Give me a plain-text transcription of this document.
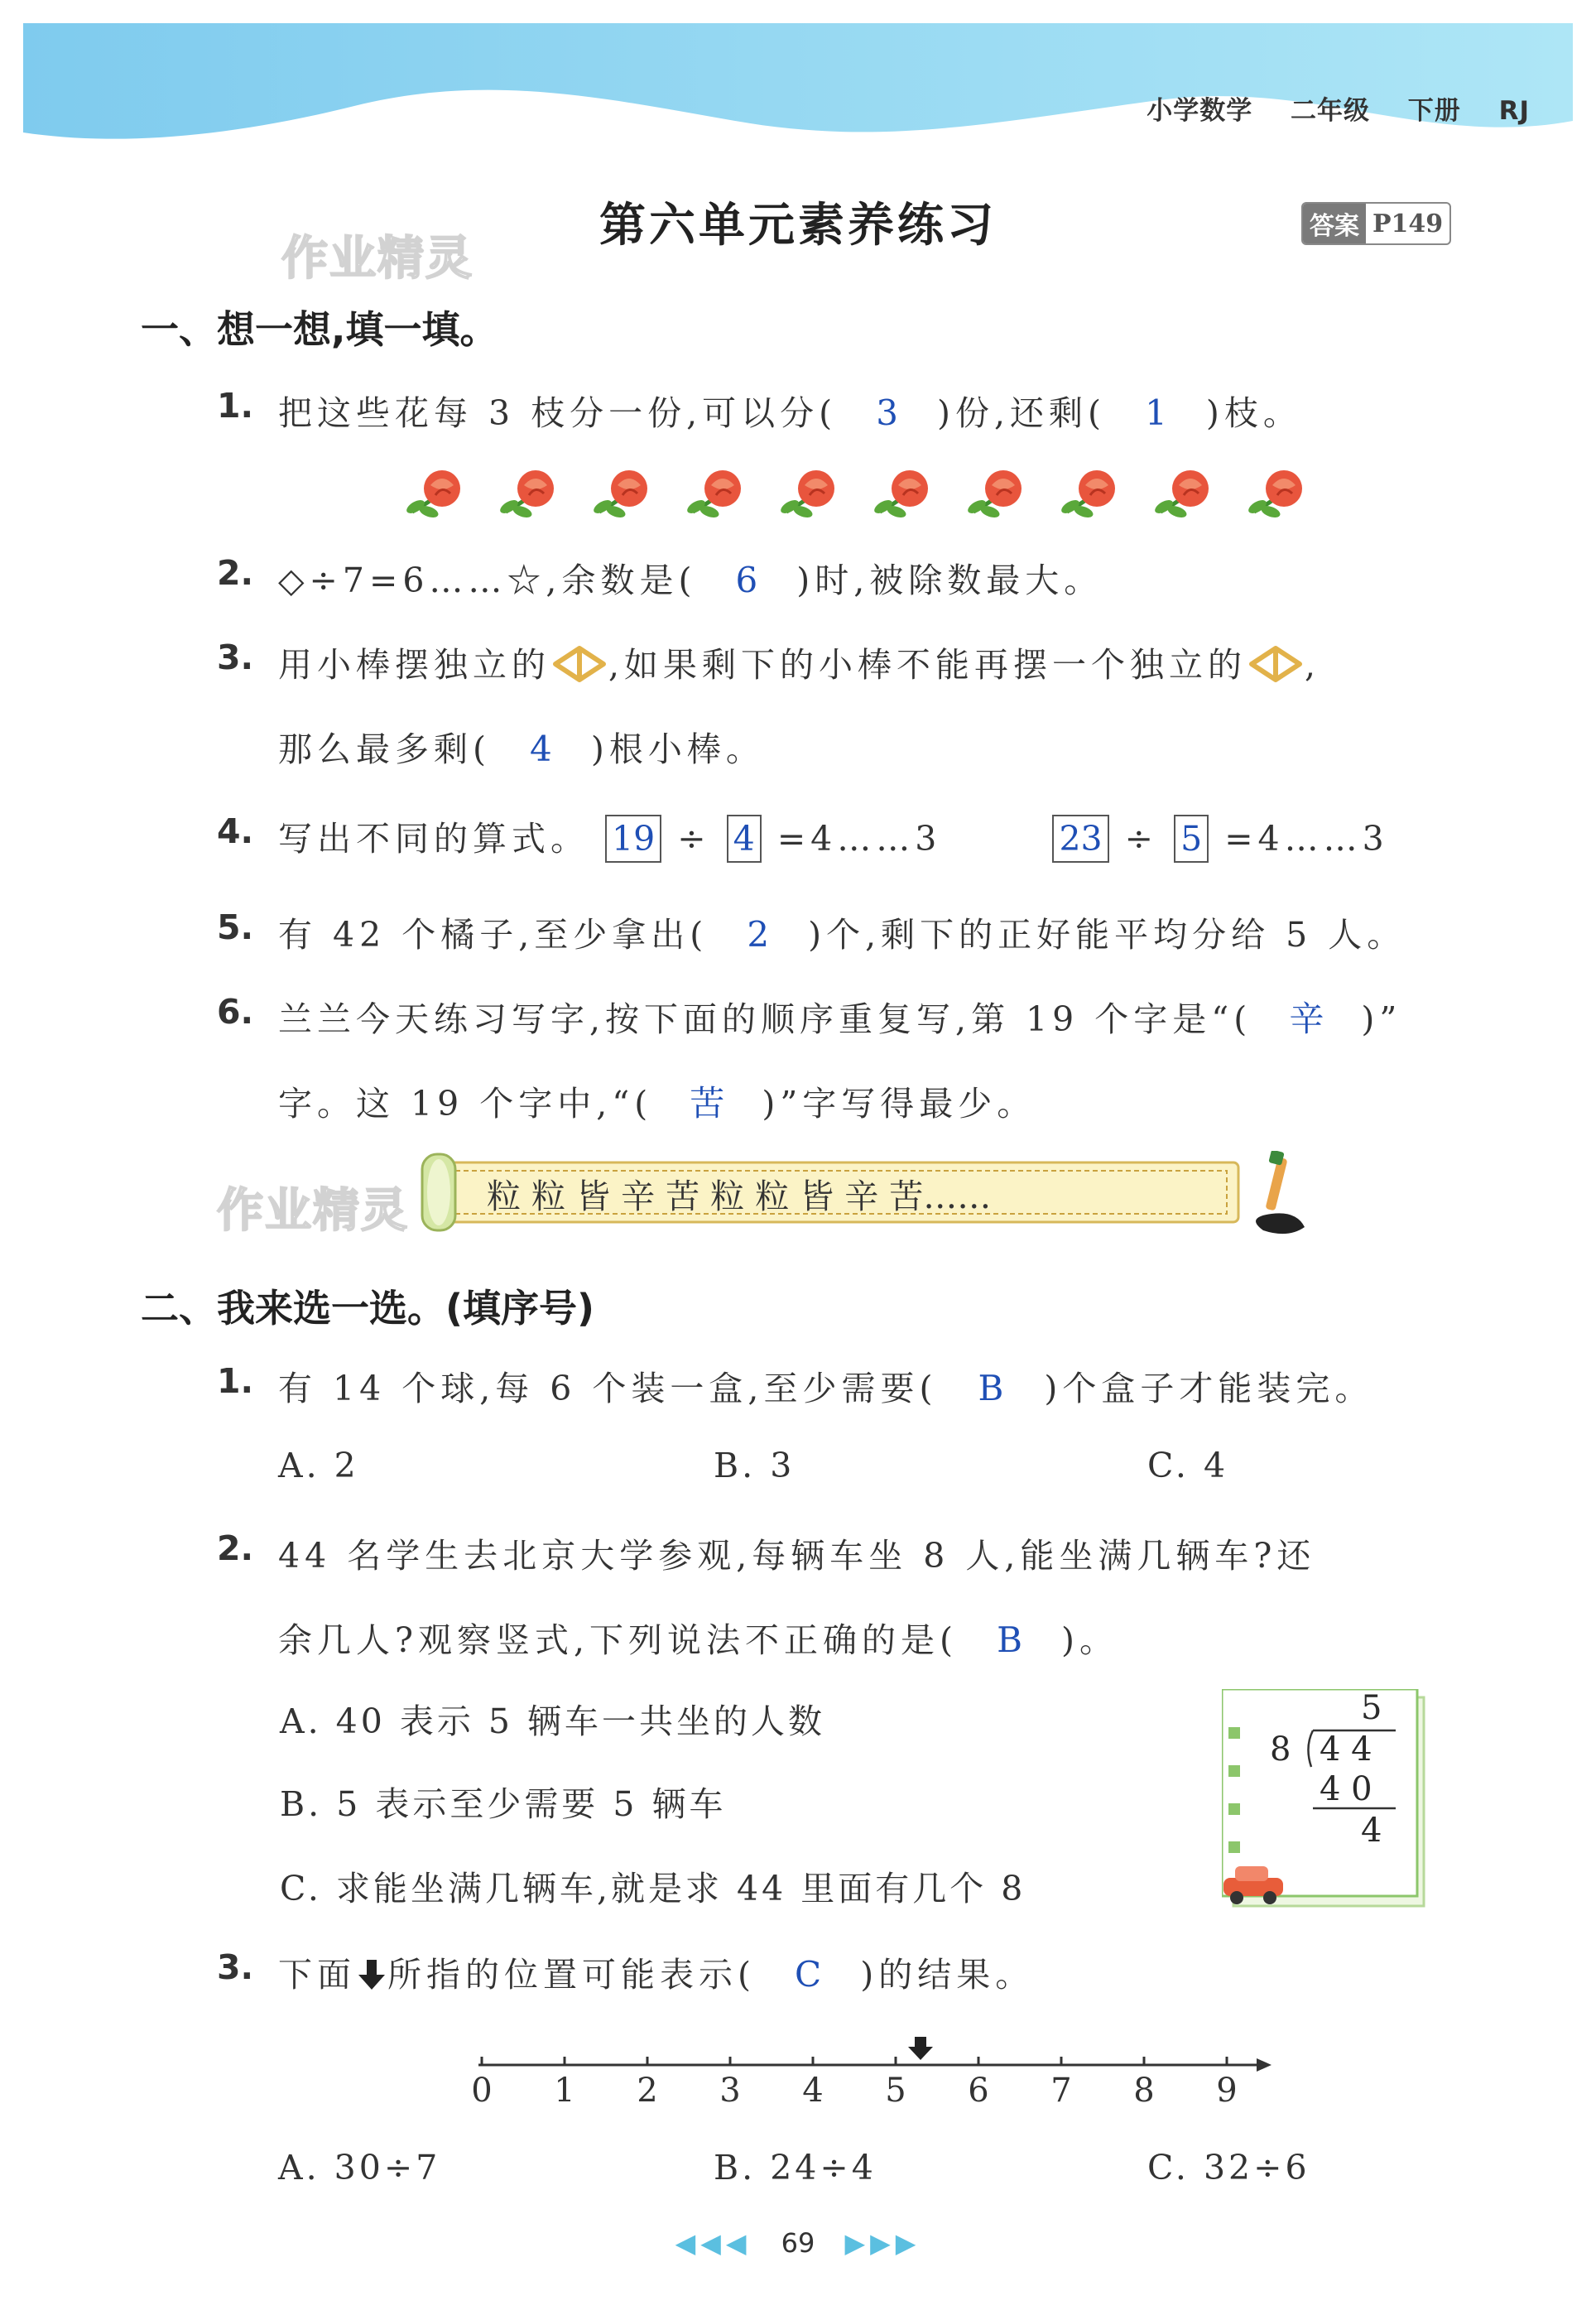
小学数学 二年级 下册 RJ
作业精灵
第六单元素养练习	答案 P149
一、想一想,填一填。
1. 把这些花每 3 枝分一份,可以分( 3 )份,还剩( 1 )枝。
2. ◇÷7=6……☆,余数是( 6 )时,被除数最大。
3. 用小棒摆独立的 ,如果剩下的小棒不能再摆一个独立的 ,
那么最多剩( 4 )根小棒。
4. 写出不同的算式。 19 ÷ 4 =4……3	23 ÷ 5 =4……3
5. 有 42 个橘子,至少拿出( 2 )个,剩下的正好能平均分给 5 人。
6. 兰兰今天练习写字,按下面的顺序重复写,第 19 个字是“( 辛 )”
字。这 19 个字中,“( 苦 )”字写得最少。
作业精灵 粒 粒 皆 辛 苦 粒 粒 皆 辛 苦……
二、我来选一选。(填序号)
1. 有 14 个球,每 6 个装一盒,至少需要( B )个盒子才能装完。
A. 2	B. 3	C. 4
2. 44 名学生去北京大学参观,每辆车坐 8 人,能坐满几辆车?还
余几人?观察竖式,下列说法不正确的是( B )。
A. 40 表示 5 辆车一共坐的人数
B. 5 表示至少需要 5 辆车
C. 求能坐满几辆车,就是求 44 里面有几个 8
5
8 4 4
4 0
4
3. 下面 所指的位置可能表示( C )的结果。
0 1 2 3 4 5 6 7 8 9
A. 30÷7	B. 24÷4	C. 32÷6
◀◀◀ 69 ▶▶▶
